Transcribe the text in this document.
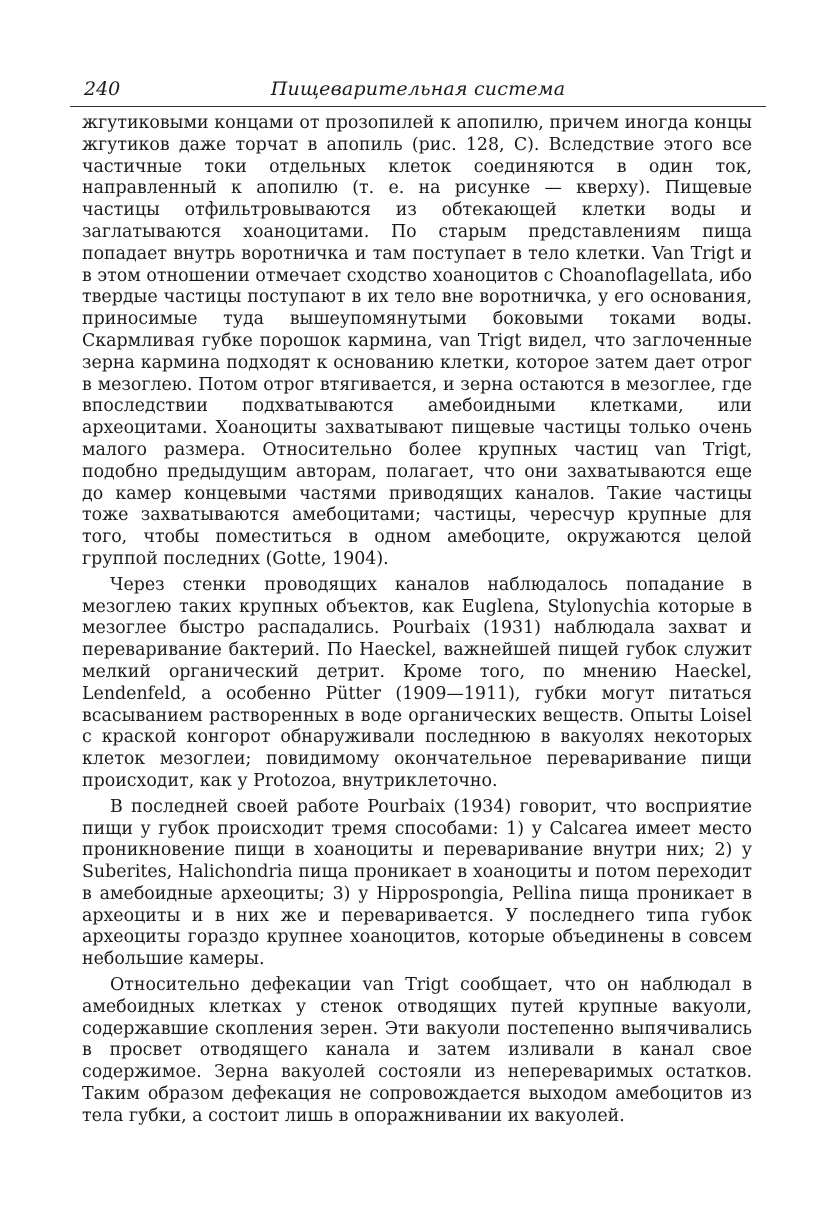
240	Пищеварительная система

жгутиковыми концами от прозопилей к апопилю, причем иногда концы жгутиков даже торчат в апопиль (рис. 128, C). Вследствие этого все частичные токи отдельных клеток соединяются в один ток, направленный к апопилю (т. е. на рисунке — кверху). Пищевые частицы отфильтровываются из обтекающей клетки воды и заглатываются хоаноцитами. По старым представлениям пища попадает внутрь воротничка и там поступает в тело клетки. Van Trigt и в этом отношении отмечает сходство хоаноцитов с Choanoflagellata, ибо твердые частицы поступают в их тело вне воротничка, у его основания, приносимые туда вышеупомянутыми боковыми токами воды. Скармливая губке порошок кармина, van Trigt видел, что заглоченные зерна кармина подходят к основанию клетки, которое затем дает отрог в мезоглею. Потом отрог втягивается, и зерна остаются в мезоглее, где впоследствии подхватываются амебоидными клетками, или археоцитами. Хоаноциты захватывают пищевые частицы только очень малого размера. Относительно более крупных частиц van Trigt, подобно предыдущим авторам, полагает, что они захватываются еще до камер концевыми частями приводящих каналов. Такие частицы тоже захватываются амебоцитами; частицы, чересчур крупные для того, чтобы поместиться в одном амебоците, окружаются целой группой последних (Gotte, 1904).

Через стенки проводящих каналов наблюдалось попадание в мезоглею таких крупных объектов, как Euglena, Stylonychia которые в мезоглее быстро распадались. Pourbaix (1931) наблюдала захват и переваривание бактерий. По Haeckel, важнейшей пищей губок служит мелкий органический детрит. Кроме того, по мнению Haeckel, Lendenfeld, а особенно Pütter (1909—1911), губки могут питаться всасыванием растворенных в воде органических веществ. Опыты Loisel с краской конгорот обнаруживали последнюю в вакуолях некоторых клеток мезоглеи; повидимому окончательное переваривание пищи происходит, как у Protozoa, внутриклеточно.

В последней своей работе Pourbaix (1934) говорит, что восприятие пищи у губок происходит тремя способами: 1) у Calcarea имеет место проникновение пищи в хоаноциты и переваривание внутри них; 2) у Suberites, Halichondria пища проникает в хоаноциты и потом переходит в амебоидные археоциты; 3) у Hippospongia, Pellina пища проникает в археоциты и в них же и переваривается. У последнего типа губок археоциты гораздо крупнее хоаноцитов, которые объединены в совсем небольшие камеры.

Относительно дефекации van Trigt сообщает, что он наблюдал в амебоидных клетках у стенок отводящих путей крупные вакуоли, содержавшие скопления зерен. Эти вакуоли постепенно выпячивались в просвет отводящего канала и затем изливали в канал свое содержимое. Зерна вакуолей состояли из непереваримых остатков. Таким образом дефекация не сопровождается выходом амебоцитов из тела губки, а состоит лишь в опоражнивании их вакуолей.
